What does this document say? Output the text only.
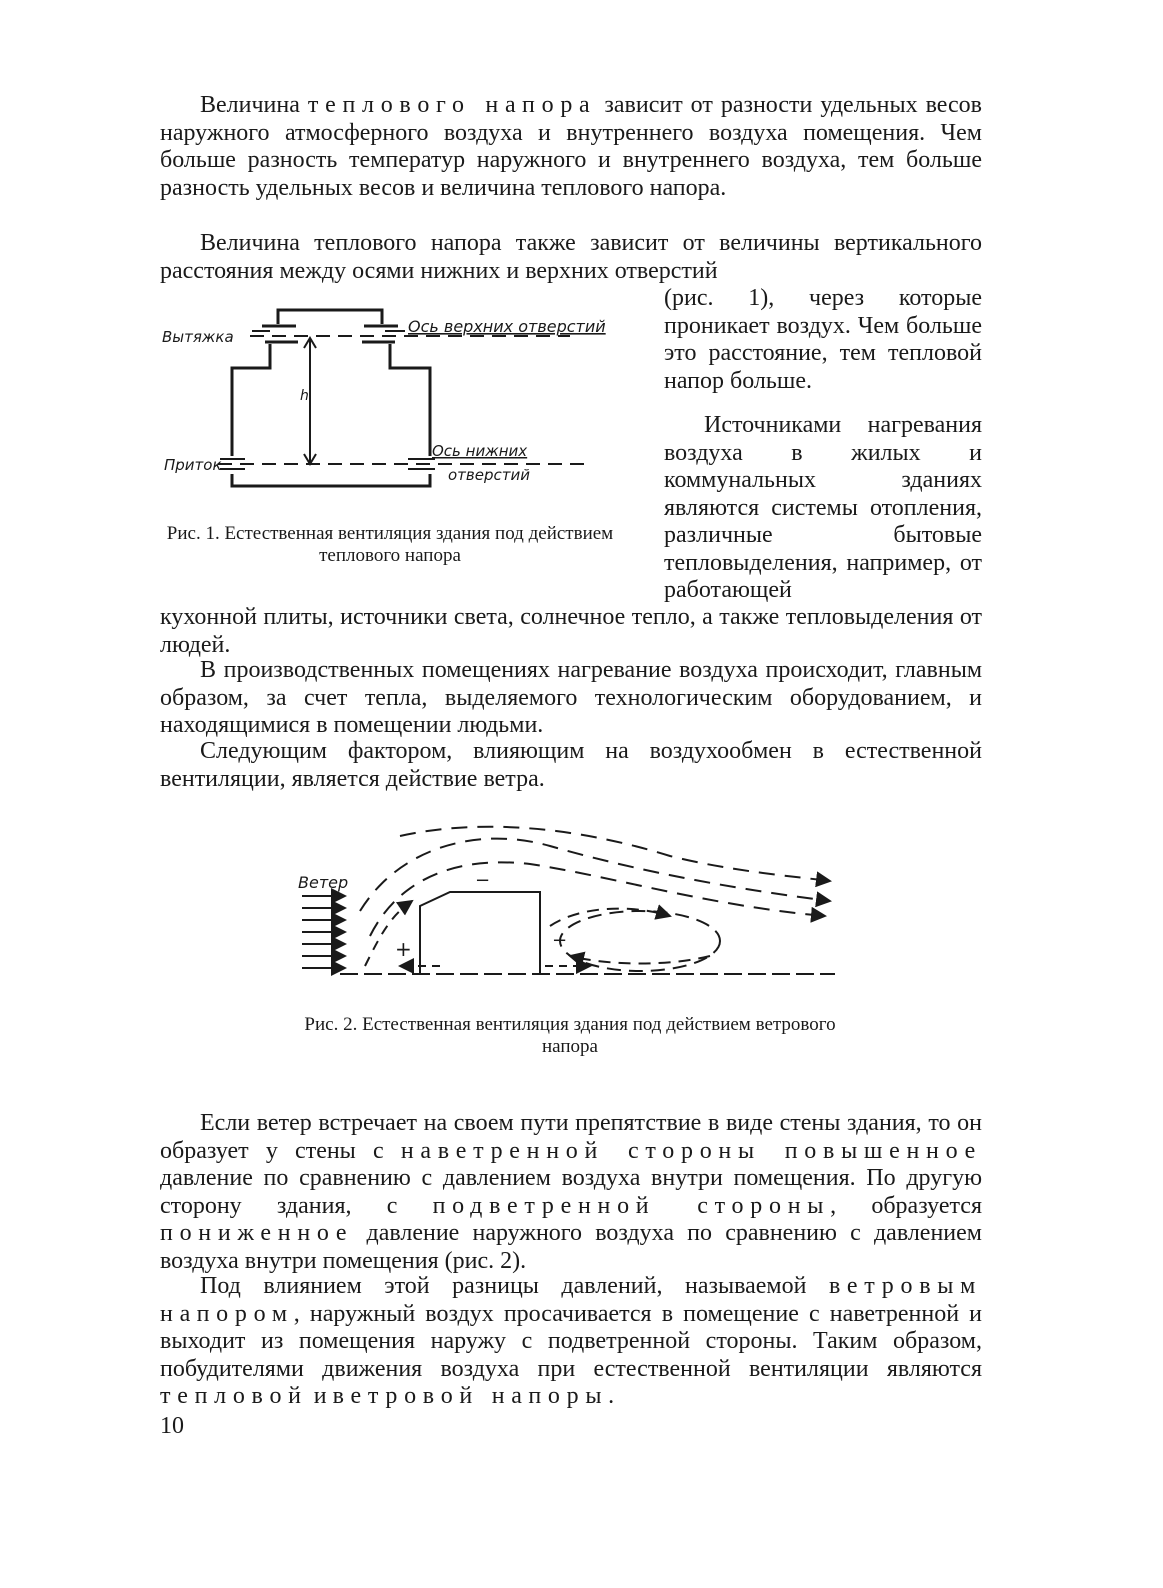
Величина теплового напора зависит от разности удельных весов наружного атмосферного воздуха и внутреннего воздуха помещения. Чем больше разность температур наружного и внутреннего воздуха, тем больше разность удельных весов и величина теплового напора.

Величина теплового напора также зависит от величины вертикального расстояния между осями нижних и верхних отверстий

(рис. 1), через которые проникает воздух. Чем больше это расстояние, тем тепловой напор больше.

Вытяжка
Ось верхних отверстий
h
Приток
Ось нижних
отверстий

Рис. 1. Естественная вентиляция здания под действием теплового напора

Источниками нагревания воздуха в жилых и коммунальных зданиях являются системы отопления, различные бытовые тепловыделения, например, от работающей

кухонной плиты, источники света, солнечное тепло, а также тепловыделения от людей.

В производственных помещениях нагревание воздуха происходит, главным образом, за счет тепла, выделяемого технологическим оборудованием, и находящимися в помещении людьми.

Следующим фактором, влияющим на воздухообмен в естественной вентиляции, является действие ветра.

Ветер
+
−
−

Рис. 2. Естественная вентиляция здания под действием ветрового напора

Если ветер встречает на своем пути препятствие в виде стены здания, то он образует у стены с наветренной стороны повышенное давление по сравнению с давлением воздуха внутри помещения. По другую сторону здания, с подветренной стороны, образуется пониженное давление наружного воздуха по сравнению с давлением воздуха внутри помещения (рис. 2).

Под влиянием этой разницы давлений, называемой ветровым напором, наружный воздух просачивается в помещение с наветренной и выходит из помещения наружу с подветренной стороны. Таким образом, побудителями движения воздуха при естественной вентиляции являются тепловой и ветровой напоры.

10
